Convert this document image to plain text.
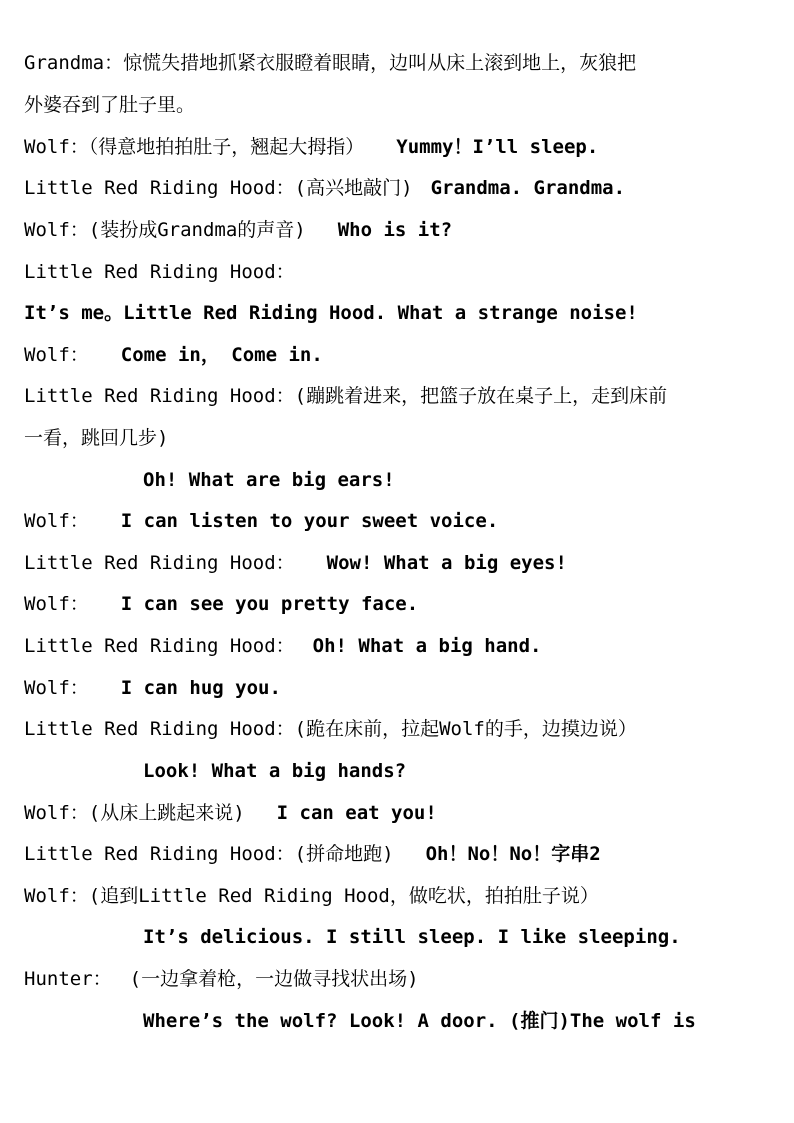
Grandma：惊慌失措地抓紧衣服瞪着眼睛，边叫从床上滚到地上，灰狼把
外婆吞到了肚子里。
Wolf：（得意地拍拍肚子，翘起大拇指） Yummy！I’ll sleep.
Little Red Riding Hood：(高兴地敲门) Grandma. Grandma.
Wolf：(装扮成Grandma的声音) Who is it?
Little Red Riding Hood：
It’s me。Little Red Riding Hood. What a strange noise!
Wolf： Come in， Come in.
Little Red Riding Hood：(蹦跳着进来，把篮子放在桌子上，走到床前
一看，跳回几步)
Oh! What are big ears!
Wolf： I can listen to your sweet voice.
Little Red Riding Hood： Wow! What a big eyes!
Wolf： I can see you pretty face.
Little Red Riding Hood： Oh! What a big hand.
Wolf： I can hug you.
Little Red Riding Hood：(跪在床前，拉起Wolf的手，边摸边说）
Look! What a big hands?
Wolf：(从床上跳起来说) I can eat you!
Little Red Riding Hood：(拼命地跑) Oh！No！No！字串2
Wolf：(追到Little Red Riding Hood，做吃状，拍拍肚子说）
It’s delicious. I still sleep. I like sleeping.
Hunter： (一边拿着枪，一边做寻找状出场)
Where’s the wolf? Look! A door. (推门)The wolf is
